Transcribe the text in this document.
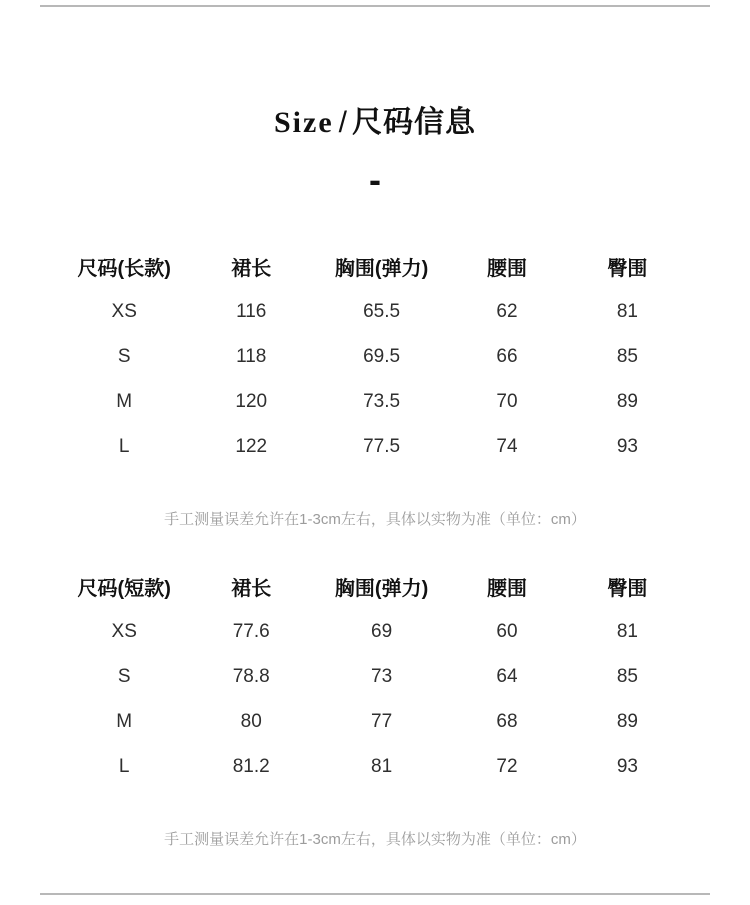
Size / 尺码信息
-
尺码(长款)	裙长	胸围(弹力)	腰围	臀围
XS	116	65.5	62	81
S	118	69.5	66	85
M	120	73.5	70	89
L	122	77.5	74	93
手工测量误差允许在1-3cm左右，具体以实物为准（单位：cm）
尺码(短款)	裙长	胸围(弹力)	腰围	臀围
XS	77.6	69	60	81
S	78.8	73	64	85
M	80	77	68	89
L	81.2	81	72	93
手工测量误差允许在1-3cm左右，具体以实物为准（单位：cm）
